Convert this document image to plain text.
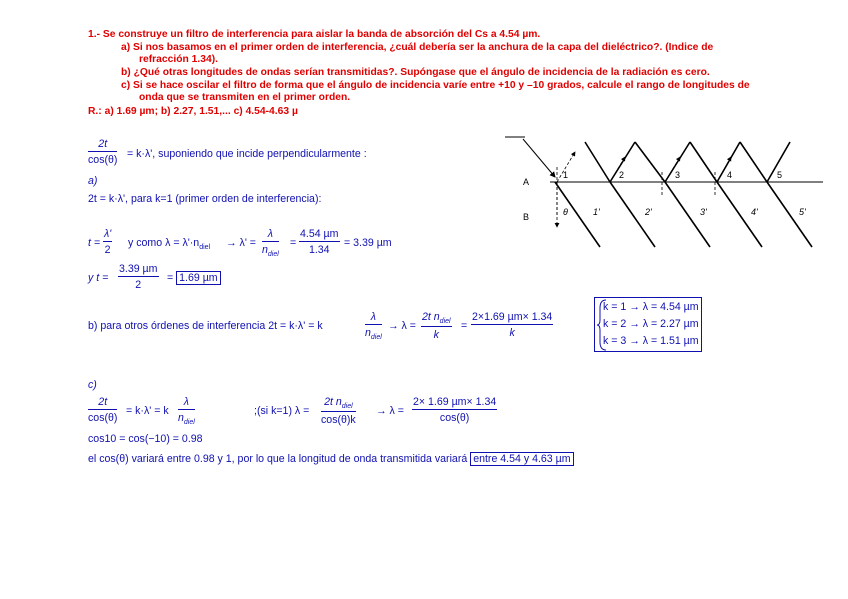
1.- Se construye un filtro de interferencia para aislar la banda de absorción del Cs a 4.54 µm.
a) Si nos basamos en el primer orden de interferencia, ¿cuál debería ser la anchura de la capa del dieléctrico?. (Indice de
refracción 1.34).
b) ¿Qué otras longitudes de ondas serían transmitidas?. Supóngase que el ángulo de incidencia de la radiación es cero.
c) Si se hace oscilar el filtro de forma que el ángulo de incidencia varíe entre +10 y –10 grados, calcule el rango de longitudes de
onda que se transmiten en el primer orden.
R.: a) 1.69 µm; b) 2.27, 1.51,... c) 4.54-4.63 µ
$\frac{2t}{\cos(\theta)} = k\cdot\lambda'$, suponiendo que incide perpendicularmente :
a)
2t = k·λ', para k=1 (primer orden de interferencia):
$t = \frac{\lambda'}{2}$ y como $\lambda = \lambda'\cdot n_{diel} \to \lambda'$ =
λ
$n_{diel}$
=
4.54 µm
1.34
= 3.39 µm
y t =
3.39 µm
2
= 1.69 µm
b) para otros órdenes de interferencia 2t = k·λ' = k
λ
$n_{diel}$
→ λ =
2t $n_{diel}$
k
=
2×1.69 µm× 1.34
k
k = 1 → λ = 4.54 µm
k = 2 → λ = 2.27 µm
k = 3 → λ = 1.51 µm
c)
$\frac{2t}{\cos(\theta)} = k\cdot\lambda' = k$
λ
$n_{diel}$
;(si k=1) λ =
2t $n_{diel}$
cos(θ)k
→ λ =
2× 1.69 µm× 1.34
cos(θ)
cos10 = cos(−10) = 0.98
el cos(θ) variará entre 0.98 y 1, por lo que la longitud de onda transmitida variará entre 4.54 y 4.63 µm
A
B
1	2	3	4	5
1'	2'	3'	4'	5'
θ
